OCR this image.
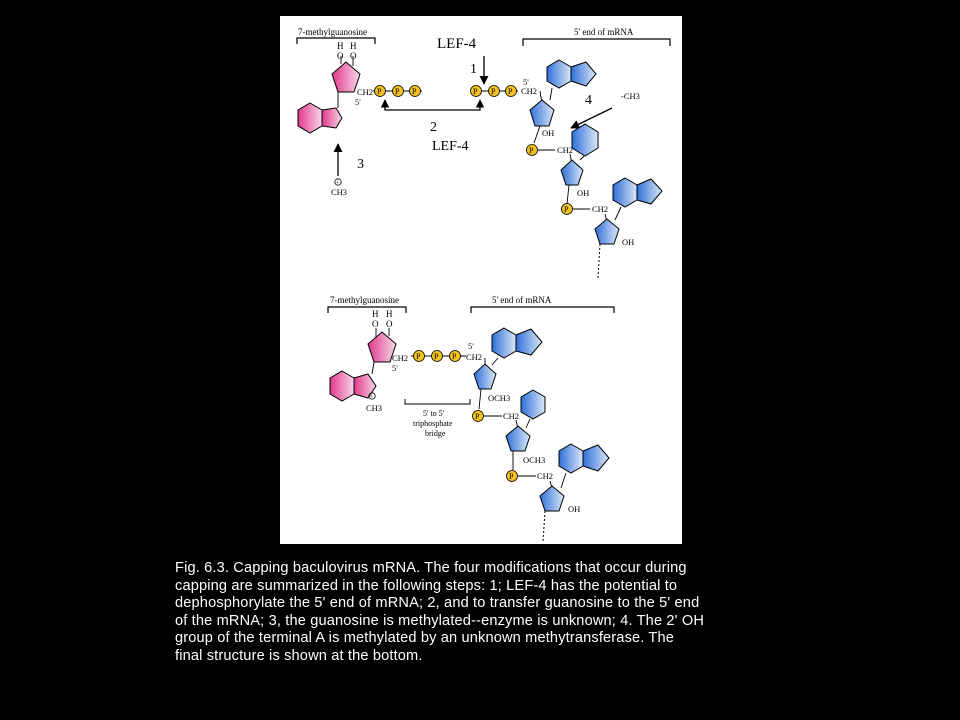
7-methylguanosine	5' end of mRNA
LEF-4
1
H H
O O
CH2
5'
3
+
CH3
P P P
2
LEF-4
P P P
5'
CH2
OH
4	-CH3
P	CH2
OH
P	CH2
OH
7-methylguanosine	5' end of mRNA
H H
O O
CH2
5'
+
CH3
P P P
5'
CH2
5' to 5'
triphosphate
bridge
OCH3
P	CH2
OCH3
P	CH2
OH
Fig. 6.3. Capping baculovirus mRNA. The four modifications that occur during
capping are summarized in the following steps: 1; LEF-4 has the potential to
dephosphorylate the 5' end of mRNA; 2, and to transfer guanosine to the 5' end
of the mRNA; 3, the guanosine is methylated--enzyme is unknown; 4. The 2' OH
group of the terminal A is methylated by an unknown methytransferase. The
final structure is shown at the bottom.
